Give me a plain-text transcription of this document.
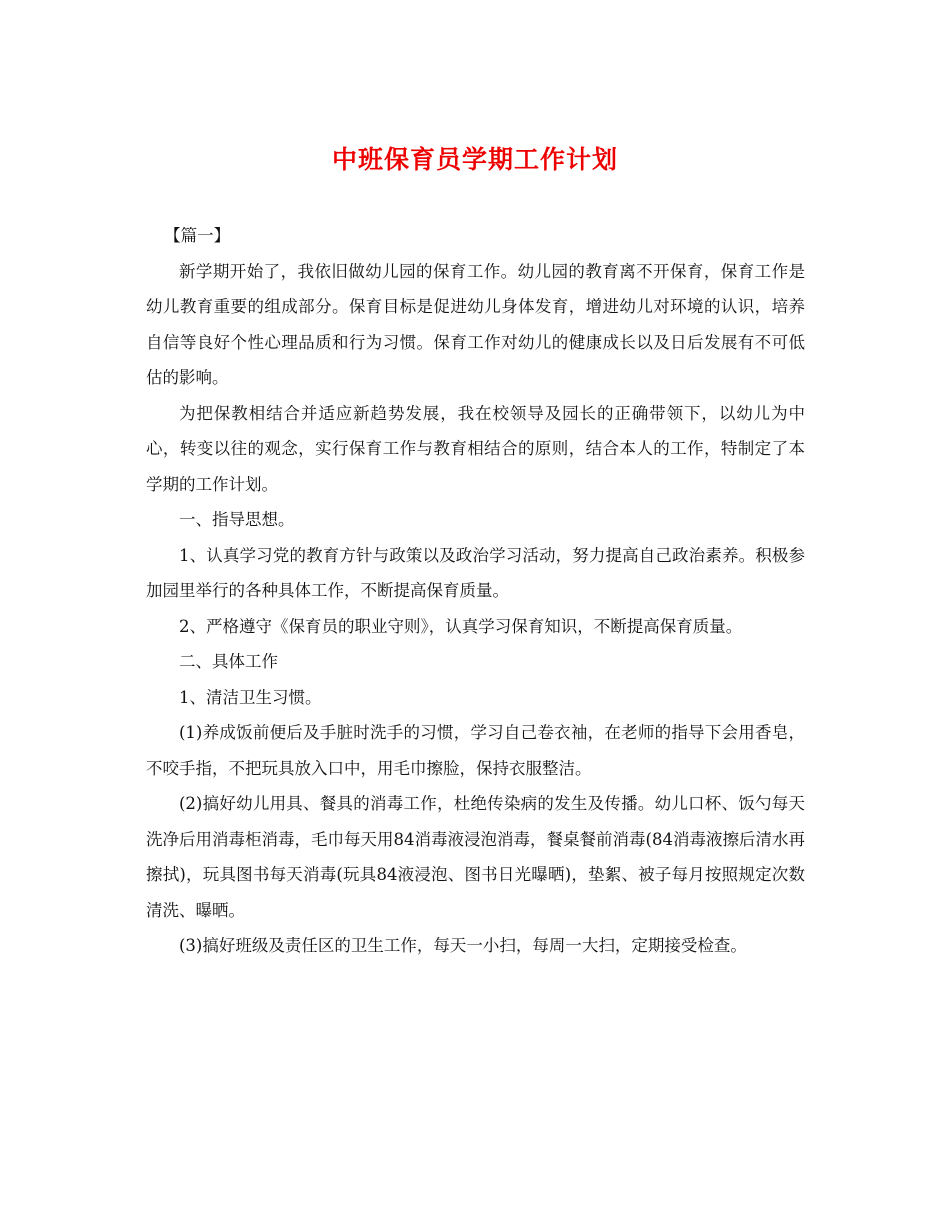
中班保育员学期工作计划

【篇一】

新学期开始了，我依旧做幼儿园的保育工作。幼儿园的教育离不开保育，保育工作是幼儿教育重要的组成部分。保育目标是促进幼儿身体发育，增进幼儿对环境的认识，培养自信等良好个性心理品质和行为习惯。保育工作对幼儿的健康成长以及日后发展有不可低估的影响。

为把保教相结合并适应新趋势发展，我在校领导及园长的正确带领下，以幼儿为中心，转变以往的观念，实行保育工作与教育相结合的原则，结合本人的工作，特制定了本学期的工作计划。

一、指导思想。

1、认真学习党的教育方针与政策以及政治学习活动，努力提高自己政治素养。积极参加园里举行的各种具体工作，不断提高保育质量。

2、严格遵守《保育员的职业守则》，认真学习保育知识，不断提高保育质量。

二、具体工作

1、清洁卫生习惯。

(1)养成饭前便后及手脏时洗手的习惯，学习自己卷衣袖，在老师的指导下会用香皂，不咬手指，不把玩具放入口中，用毛巾擦脸，保持衣服整洁。

(2)搞好幼儿用具、餐具的消毒工作，杜绝传染病的发生及传播。幼儿口杯、饭勺每天洗净后用消毒柜消毒，毛巾每天用84消毒液浸泡消毒，餐桌餐前消毒(84消毒液擦后清水再擦拭)，玩具图书每天消毒(玩具84液浸泡、图书日光曝晒)，垫絮、被子每月按照规定次数清洗、曝晒。

(3)搞好班级及责任区的卫生工作，每天一小扫，每周一大扫，定期接受检查。
